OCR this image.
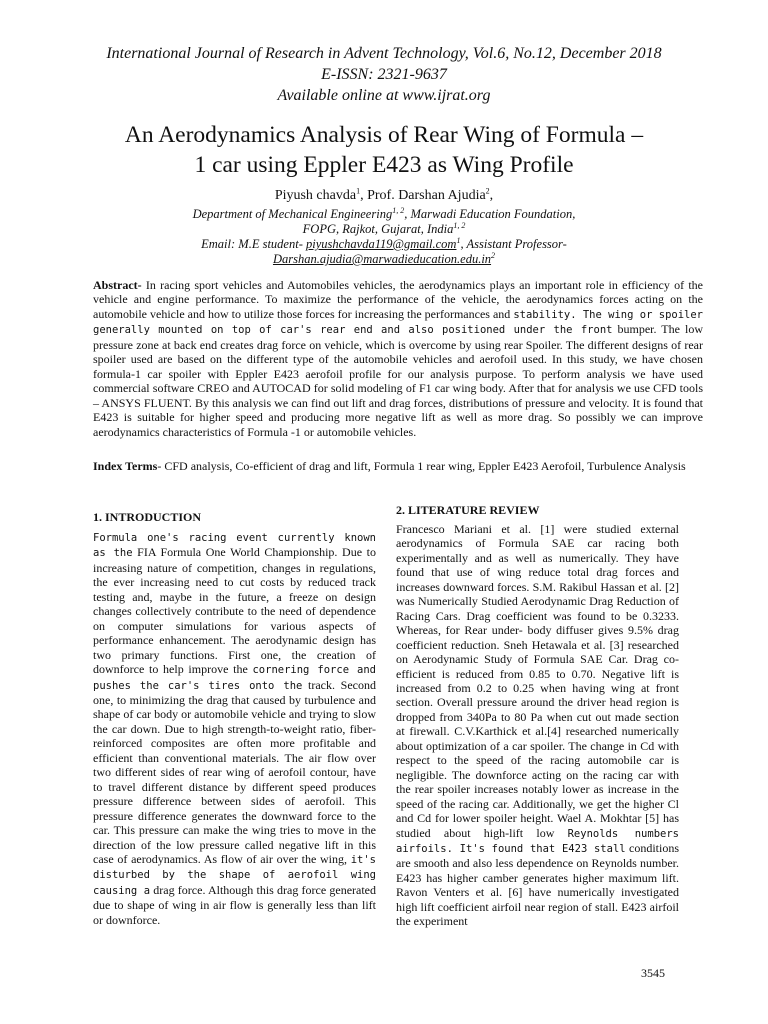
International Journal of Research in Advent Technology, Vol.6, No.12, December 2018
E-ISSN: 2321-9637
Available online at www.ijrat.org
An Aerodynamics Analysis of Rear Wing of Formula –
1 car using Eppler E423 as Wing Profile
Piyush chavda$^1$, Prof. Darshan Ajudia$^2$,
Department of Mechanical Engineering$^{1, 2}$, Marwadi Education Foundation,
FOPG, Rajkot, Gujarat, India$^{1, 2}$
Email: M.E student- piyushchavda119@gmail.com$^1$, Assistant Professor-
$Darshan.ajudia@marwadieducation.edu.in^2$
Abstract- In racing sport vehicles and Automobiles vehicles, the aerodynamics plays an important role in efficiency of the vehicle and engine performance. To maximize the performance of the vehicle, the aerodynamics forces acting on the automobile vehicle and how to utilize those forces for increasing the performances and stability. The wing or spoiler generally mounted on top of car's rear end and also positioned under the front bumper. The low pressure zone at back end creates drag force on vehicle, which is overcome by using rear Spoiler. The different designs of rear spoiler used are based on the different type of the automobile vehicles and aerofoil used. In this study, we have chosen formula-1 car spoiler with Eppler E423 aerofoil profile for our analysis purpose. To perform analysis we have used commercial software CREO and AUTOCAD for solid modeling of F1 car wing body. After that for analysis we use CFD tools – ANSYS FLUENT. By this analysis we can find out lift and drag forces, distributions of pressure and velocity. It is found that E423 is suitable for higher speed and producing more negative lift as well as more drag. So possibly we can improve aerodynamics characteristics of Formula -1 or automobile vehicles.
Index Terms- CFD analysis, Co-efficient of drag and lift, Formula 1 rear wing, Eppler E423 Aerofoil, Turbulence Analysis
1. INTRODUCTION	2. LITERATURE REVIEW
Formula one's racing event currently known as the FIA Formula One World Championship. Due to increasing nature of competition, changes in regulations, the ever increasing need to cut costs by reduced track testing and, maybe in the future, a freeze on design changes collectively contribute to the need of dependence on computer simulations for various aspects of performance enhancement. The aerodynamic design has two primary functions. First one, the creation of downforce to help improve the cornering force and pushes the car's tires onto the track. Second one, to minimizing the drag that caused by turbulence and shape of car body or automobile vehicle and trying to slow the car down. Due to high strength-to-weight ratio, fiber-reinforced composites are often more profitable and efficient than conventional materials. The air flow over two different sides of rear wing of aerofoil contour, have to travel different distance by different speed produces pressure difference between sides of aerofoil. This pressure difference generates the downward force to the car. This pressure can make the wing tries to move in the direction of the low pressure called negative lift in this case of aerodynamics. As flow of air over the wing, it's disturbed by the shape of aerofoil wing causing a drag force. Although this drag force generated due to shape of wing in air flow is generally less than lift or downforce.
Francesco Mariani et al. [1] were studied external aerodynamics of Formula SAE car racing both experimentally and as well as numerically. They have found that use of wing reduce total drag forces and increases downward forces. S.M. Rakibul Hassan et al. [2] was Numerically Studied Aerodynamic Drag Reduction of Racing Cars. Drag coefficient was found to be 0.3233. Whereas, for Rear under- body diffuser gives 9.5% drag coefficient reduction. Sneh Hetawala et al. [3] researched on Aerodynamic Study of Formula SAE Car. Drag co-efficient is reduced from 0.85 to 0.70. Negative lift is increased from 0.2 to 0.25 when having wing at front section. Overall pressure around the driver head region is dropped from 340Pa to 80 Pa when cut out made section at firewall. C.V.Karthick et al.[4] researched numerically about optimization of a car spoiler. The change in Cd with respect to the speed of the racing automobile car is negligible. The downforce acting on the racing car with the rear spoiler increases notably lower as increase in the speed of the racing car. Additionally, we get the higher Cl and Cd for lower spoiler height. Wael A. Mokhtar [5] has studied about high-lift low Reynolds numbers airfoils. It's found that E423 stall conditions are smooth and also less dependence on Reynolds number. E423 has higher camber generates higher maximum lift. Ravon Venters et al. [6] have numerically investigated high lift coefficient airfoil near region of stall. E423 airfoil the experiment
3545
